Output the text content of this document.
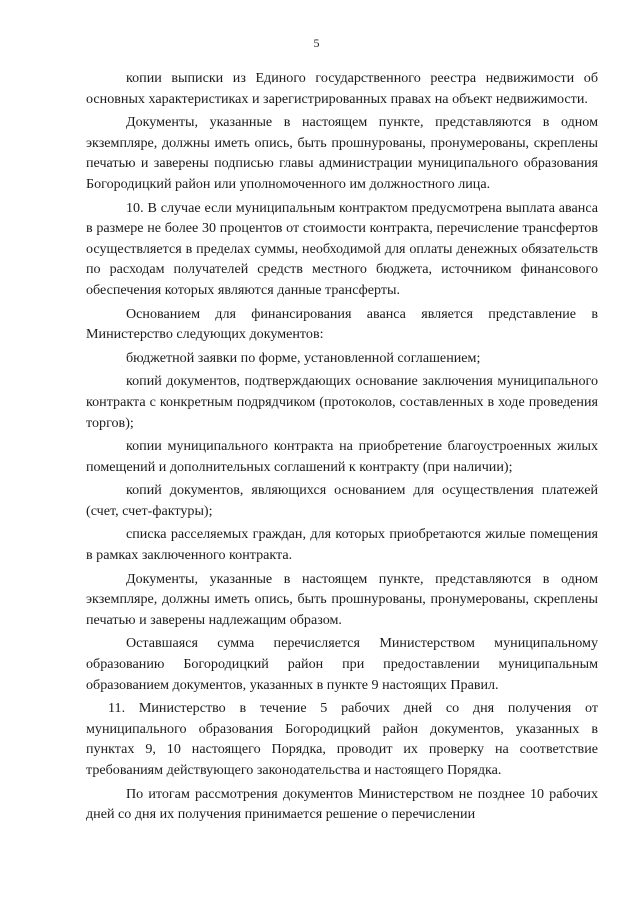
5

копии выписки из Единого государственного реестра недвижимости об основных характеристиках и зарегистрированных правах на объект недвижимости.

Документы, указанные в настоящем пункте, представляются в одном экземпляре, должны иметь опись, быть прошнурованы, пронумерованы, скреплены печатью и заверены подписью главы администрации муниципального образования Богородицкий район или уполномоченного им должностного лица.

10. В случае если муниципальным контрактом предусмотрена выплата аванса в размере не более 30 процентов от стоимости контракта, перечисление трансфертов осуществляется в пределах суммы, необходимой для оплаты денежных обязательств по расходам получателей средств местного бюджета, источником финансового обеспечения которых являются данные трансферты.

Основанием для финансирования аванса является представление в Министерство следующих документов:

бюджетной заявки по форме, установленной соглашением;

копий документов, подтверждающих основание заключения муниципального контракта с конкретным подрядчиком (протоколов, составленных в ходе проведения торгов);

копии муниципального контракта на приобретение благоустроенных жилых помещений и дополнительных соглашений к контракту (при наличии);

копий документов, являющихся основанием для осуществления платежей (счет, счет-фактуры);

списка расселяемых граждан, для которых приобретаются жилые помещения в рамках заключенного контракта.

Документы, указанные в настоящем пункте, представляются в одном экземпляре, должны иметь опись, быть прошнурованы, пронумерованы, скреплены печатью и заверены надлежащим образом.

Оставшаяся сумма перечисляется Министерством муниципальному образованию Богородицкий район при предоставлении муниципальным образованием документов, указанных в пункте 9 настоящих Правил.

11. Министерство в течение 5 рабочих дней со дня получения от муниципального образования Богородицкий район документов, указанных в пунктах 9, 10 настоящего Порядка, проводит их проверку на соответствие требованиям действующего законодательства и настоящего Порядка.

По итогам рассмотрения документов Министерством не позднее 10 рабочих дней со дня их получения принимается решение о перечислении
